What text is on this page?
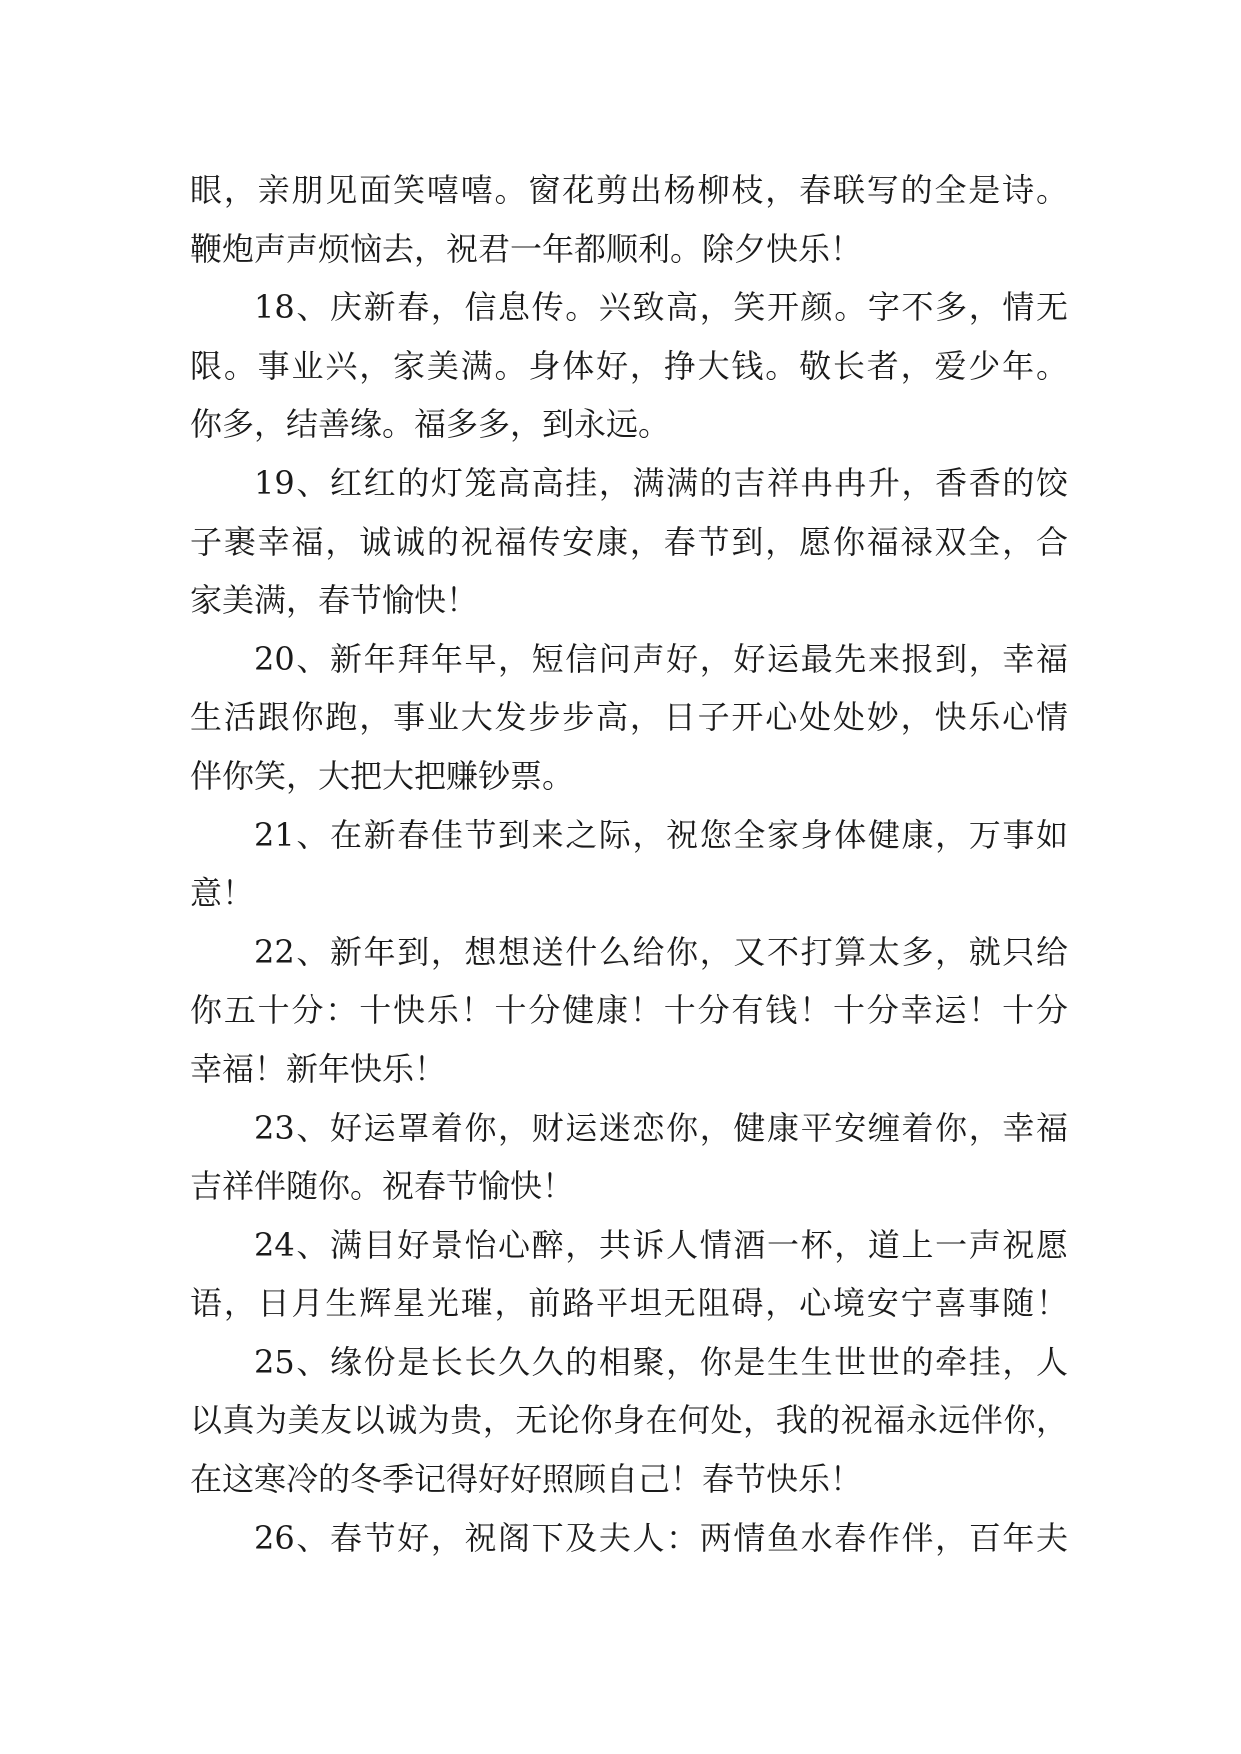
眼，亲朋见面笑嘻嘻。窗花剪出杨柳枝，春联写的全是诗。
鞭炮声声烦恼去，祝君一年都顺利。除夕快乐！
18、庆新春，信息传。兴致高，笑开颜。字不多，情无
限。事业兴，家美满。身体好，挣大钱。敬长者，爱少年。
你多，结善缘。福多多，到永远。
19、红红的灯笼高高挂，满满的吉祥冉冉升，香香的饺
子裹幸福，诚诚的祝福传安康，春节到，愿你福禄双全，合
家美满，春节愉快！
20、新年拜年早，短信问声好，好运最先来报到，幸福
生活跟你跑，事业大发步步高，日子开心处处妙，快乐心情
伴你笑，大把大把赚钞票。
21、在新春佳节到来之际，祝您全家身体健康，万事如
意！
22、新年到，想想送什么给你，又不打算太多，就只给
你五十分：十快乐！十分健康！十分有钱！十分幸运！十分
幸福！新年快乐！
23、好运罩着你，财运迷恋你，健康平安缠着你，幸福
吉祥伴随你。祝春节愉快！
24、满目好景怡心醉，共诉人情酒一杯，道上一声祝愿
语，日月生辉星光璀，前路平坦无阻碍，心境安宁喜事随！
25、缘份是长长久久的相聚，你是生生世世的牵挂，人
以真为美友以诚为贵，无论你身在何处，我的祝福永远伴你，
在这寒冷的冬季记得好好照顾自己！春节快乐！
26、春节好，祝阁下及夫人：两情鱼水春作伴，百年夫
